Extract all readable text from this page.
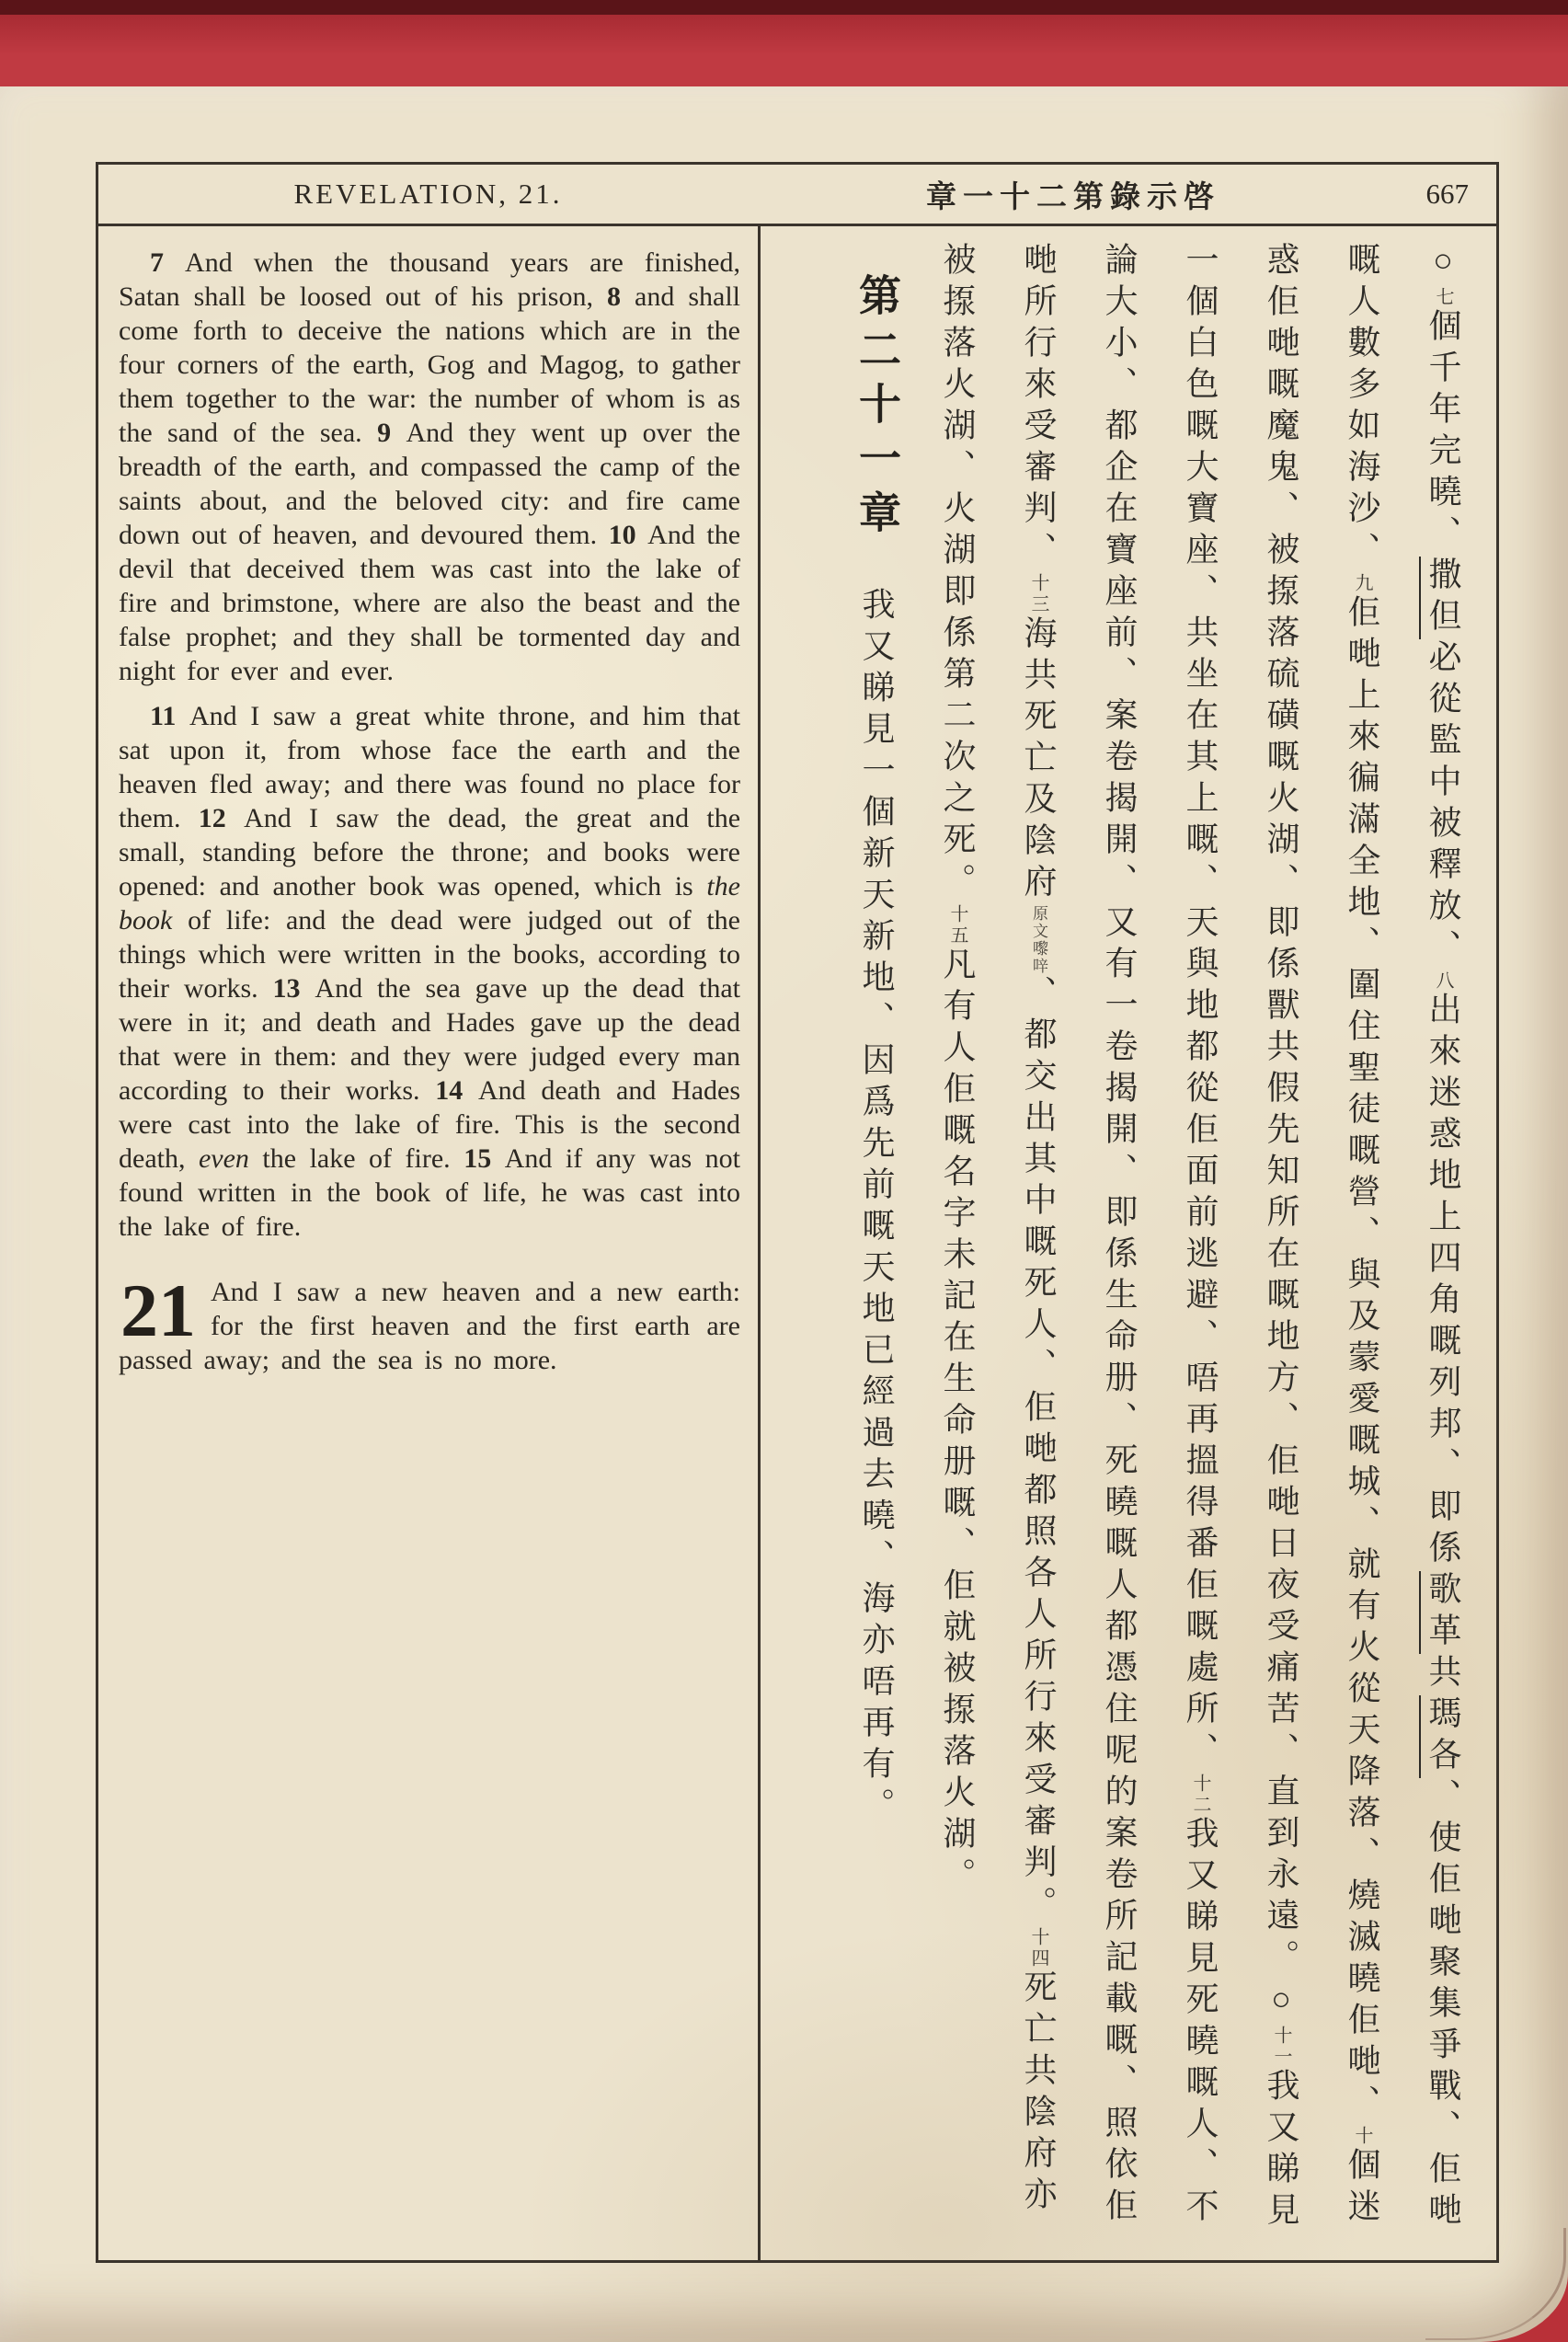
REVELATION, 21.	章一十二第錄示啓	667

7 And when the thousand years are finished, Satan shall be loosed out of his prison, 8 and shall come forth to deceive the nations which are in the four corners of the earth, Gog and Magog, to gather them together to the war: the number of whom is as the sand of the sea. 9 And they went up over the breadth of the earth, and compassed the camp of the saints about, and the beloved city: and fire came down out of heaven, and devoured them. 10 And the devil that deceived them was cast into the lake of fire and brimstone, where are also the beast and the false prophet; and they shall be tormented day and night for ever and ever.

11 And I saw a great white throne, and him that sat upon it, from whose face the earth and the heaven fled away; and there was found no place for them. 12 And I saw the dead, the great and the small, standing before the throne; and books were opened: and another book was opened, which is the book of life: and the dead were judged out of the things which were written in the books, according to their works. 13 And the sea gave up the dead that were in it; and death and Hades gave up the dead that were in them: and they were judged every man according to their works. 14 And death and Hades were cast into the lake of fire. This is the second death, even the lake of fire. 15 And if any was not found written in the book of life, he was cast into the lake of fire.

21 And I saw a new heaven and a new earth: for the first heaven and the first earth are passed away; and the sea is no more.

○七個千年完曉、撒但必從監中被釋放、八出來迷惑地上四角嘅列邦、即係歌革共瑪各、使佢哋聚集爭戰、佢哋嘅人數多如海沙、九佢哋上來徧滿全地、圍住聖徒嘅營、與及蒙愛嘅城、就有火從天降落、燒滅曉佢哋、十個迷惑佢哋嘅魔鬼、被揼落硫磺嘅火湖、即係獸共假先知所在嘅地方、佢哋日夜受痛苦、直到永遠。○十一我又睇見一個白色嘅大寶座、共坐在其上嘅、天與地都從佢面前逃避、唔再搵得番佢嘅處所、十二我又睇見死曉嘅人、不論大小、都企在寶座前、案卷揭開、又有一卷揭開、即係生命册、死曉嘅人都憑住呢的案卷所記載嘅、照依佢哋所行來受審判、十三海共死亡及陰府原文嚟㖕、都交出其中嘅死人、佢哋都照各人所行來受審判。十四死亡共陰府亦被揼落火湖、火湖即係第二次之死。十五凡有人佢嘅名字未記在生命册嘅、佢就被揼落火湖。
第二十一章我又睇見一個新天新地、因爲先前嘅天地已經過去曉、海亦唔再有。
